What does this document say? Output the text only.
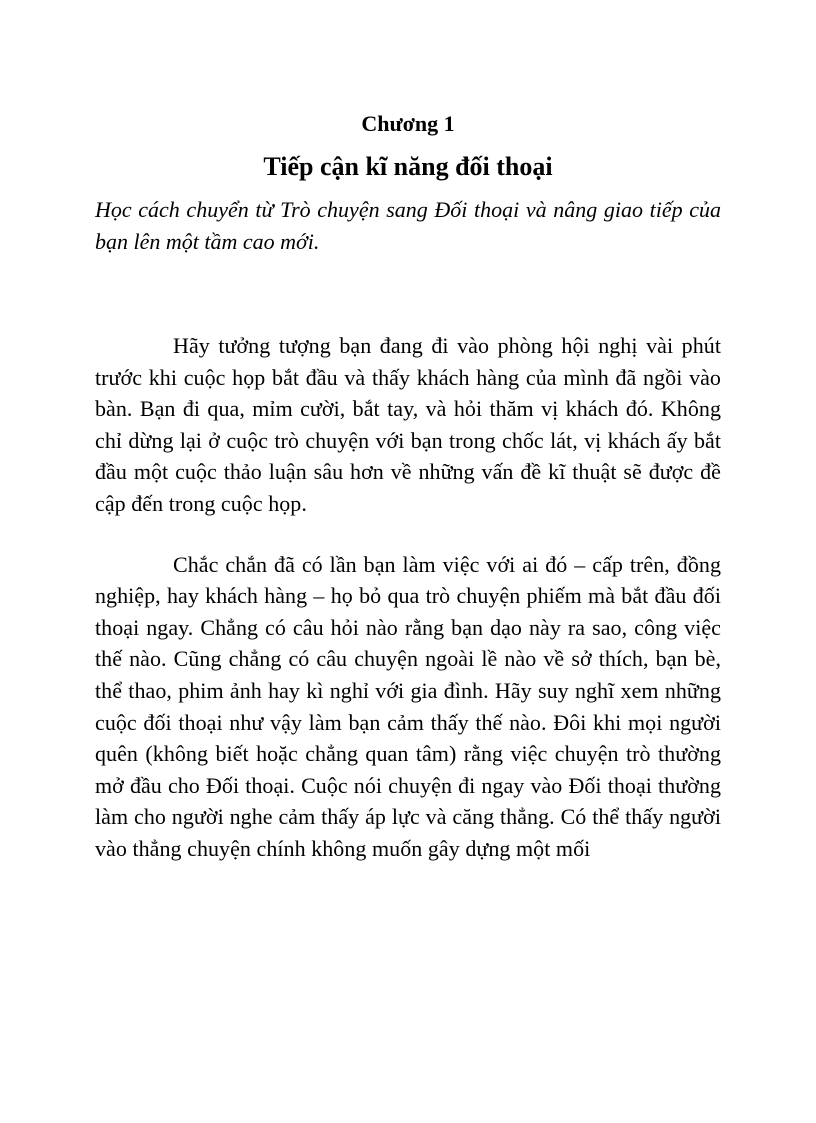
Chương 1
Tiếp cận kĩ năng đối thoại

Học cách chuyển từ Trò chuyện sang Đối thoại và nâng giao tiếp của bạn lên một tầm cao mới.

Hãy tưởng tượng bạn đang đi vào phòng hội nghị vài phút trước khi cuộc họp bắt đầu và thấy khách hàng của mình đã ngồi vào bàn. Bạn đi qua, mỉm cười, bắt tay, và hỏi thăm vị khách đó. Không chỉ dừng lại ở cuộc trò chuyện với bạn trong chốc lát, vị khách ấy bắt đầu một cuộc thảo luận sâu hơn về những vấn đề kĩ thuật sẽ được đề cập đến trong cuộc họp.

Chắc chắn đã có lần bạn làm việc với ai đó – cấp trên, đồng nghiệp, hay khách hàng – họ bỏ qua trò chuyện phiếm mà bắt đầu đối thoại ngay. Chẳng có câu hỏi nào rằng bạn dạo này ra sao, công việc thế nào. Cũng chẳng có câu chuyện ngoài lề nào về sở thích, bạn bè, thể thao, phim ảnh hay kì nghỉ với gia đình. Hãy suy nghĩ xem những cuộc đối thoại như vậy làm bạn cảm thấy thế nào. Đôi khi mọi người quên (không biết hoặc chẳng quan tâm) rằng việc chuyện trò thường mở đầu cho Đối thoại. Cuộc nói chuyện đi ngay vào Đối thoại thường làm cho người nghe cảm thấy áp lực và căng thẳng. Có thể thấy người vào thẳng chuyện chính không muốn gây dựng một mối
